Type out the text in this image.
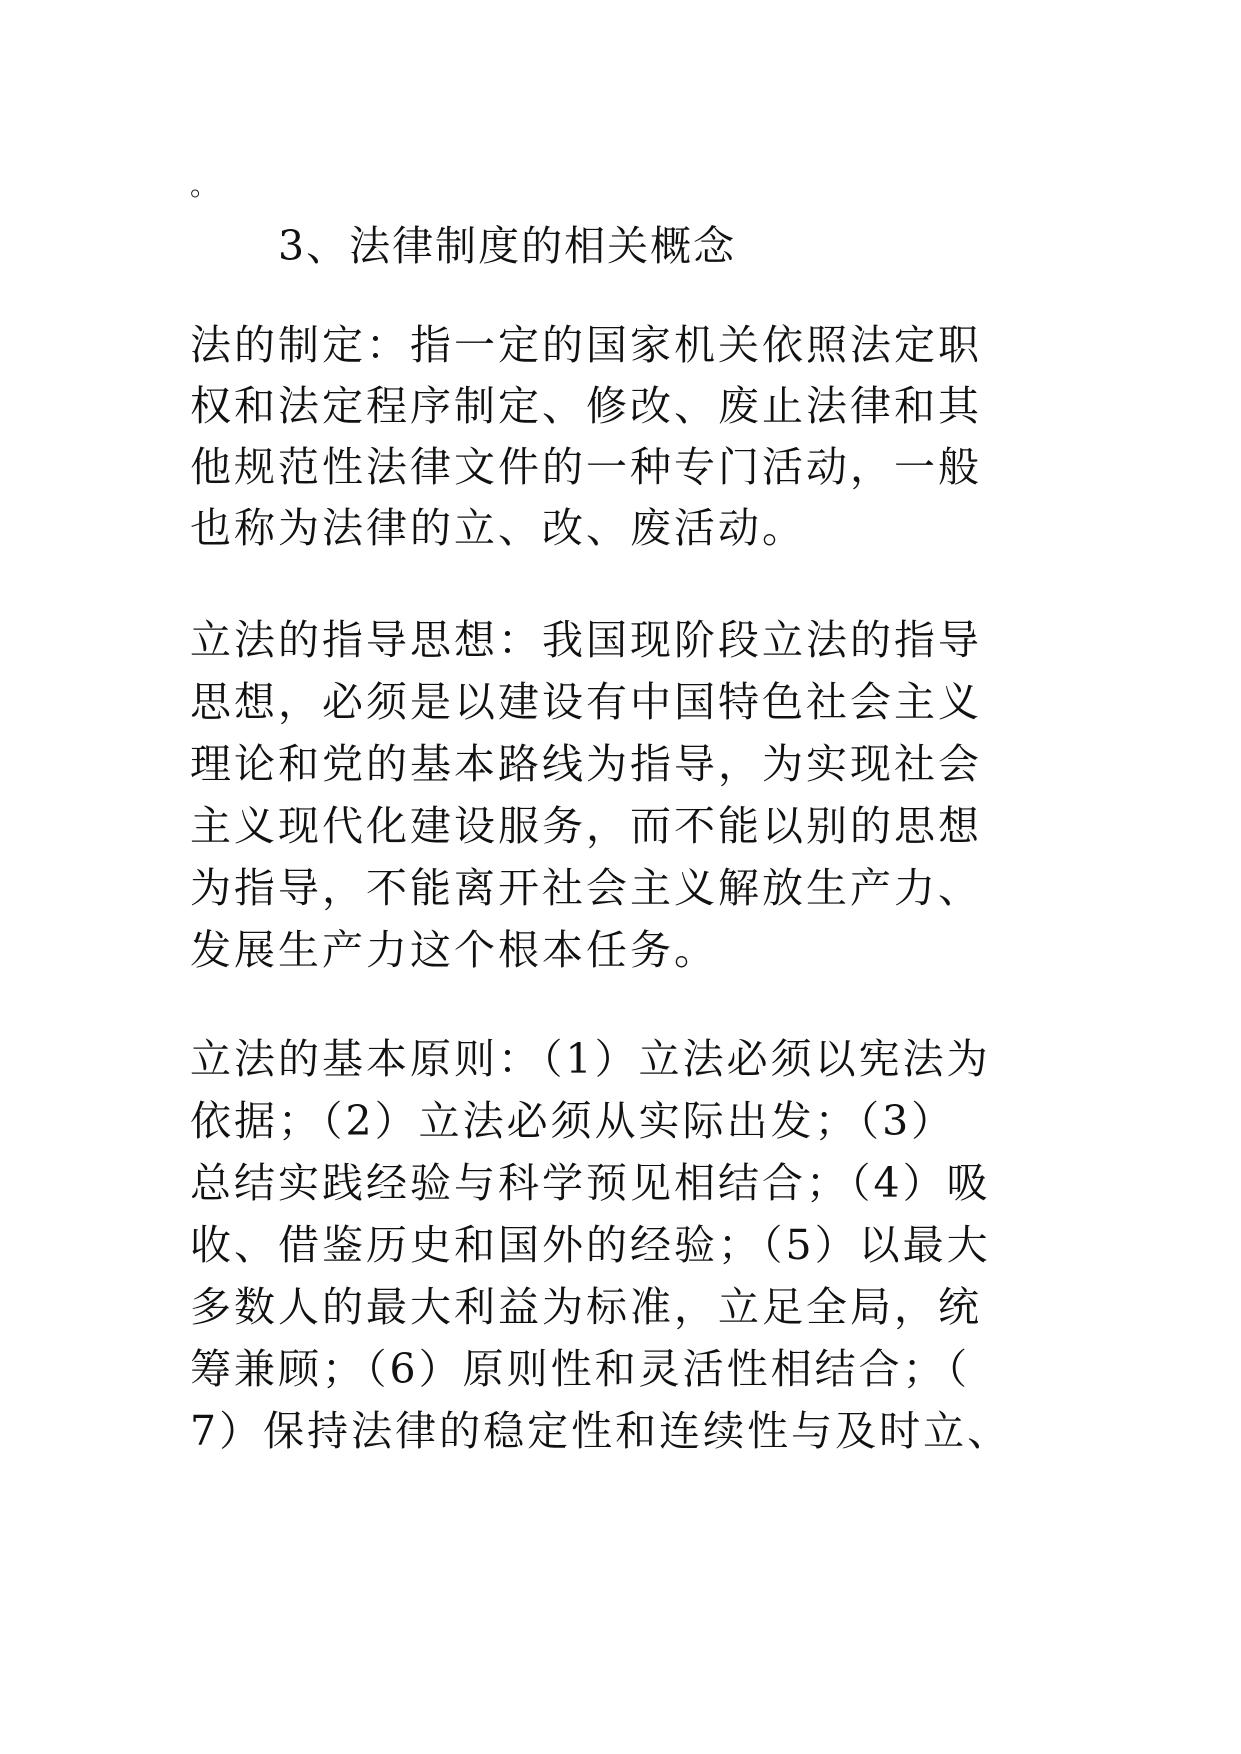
。
3、法律制度的相关概念
法的制定：指一定的国家机关依照法定职
权和法定程序制定、修改、废止法律和其
他规范性法律文件的一种专门活动，一般
也称为法律的立、改、废活动。
立法的指导思想：我国现阶段立法的指导
思想，必须是以建设有中国特色社会主义
理论和党的基本路线为指导，为实现社会
主义现代化建设服务，而不能以别的思想
为指导，不能离开社会主义解放生产力、
发展生产力这个根本任务。
立法的基本原则：（1）立法必须以宪法为
依据；（2）立法必须从实际出发；（3）
总结实践经验与科学预见相结合；（4）吸
收、借鉴历史和国外的经验；（5）以最大
多数人的最大利益为标准，立足全局，统
筹兼顾；（6）原则性和灵活性相结合；（
7）保持法律的稳定性和连续性与及时立、
